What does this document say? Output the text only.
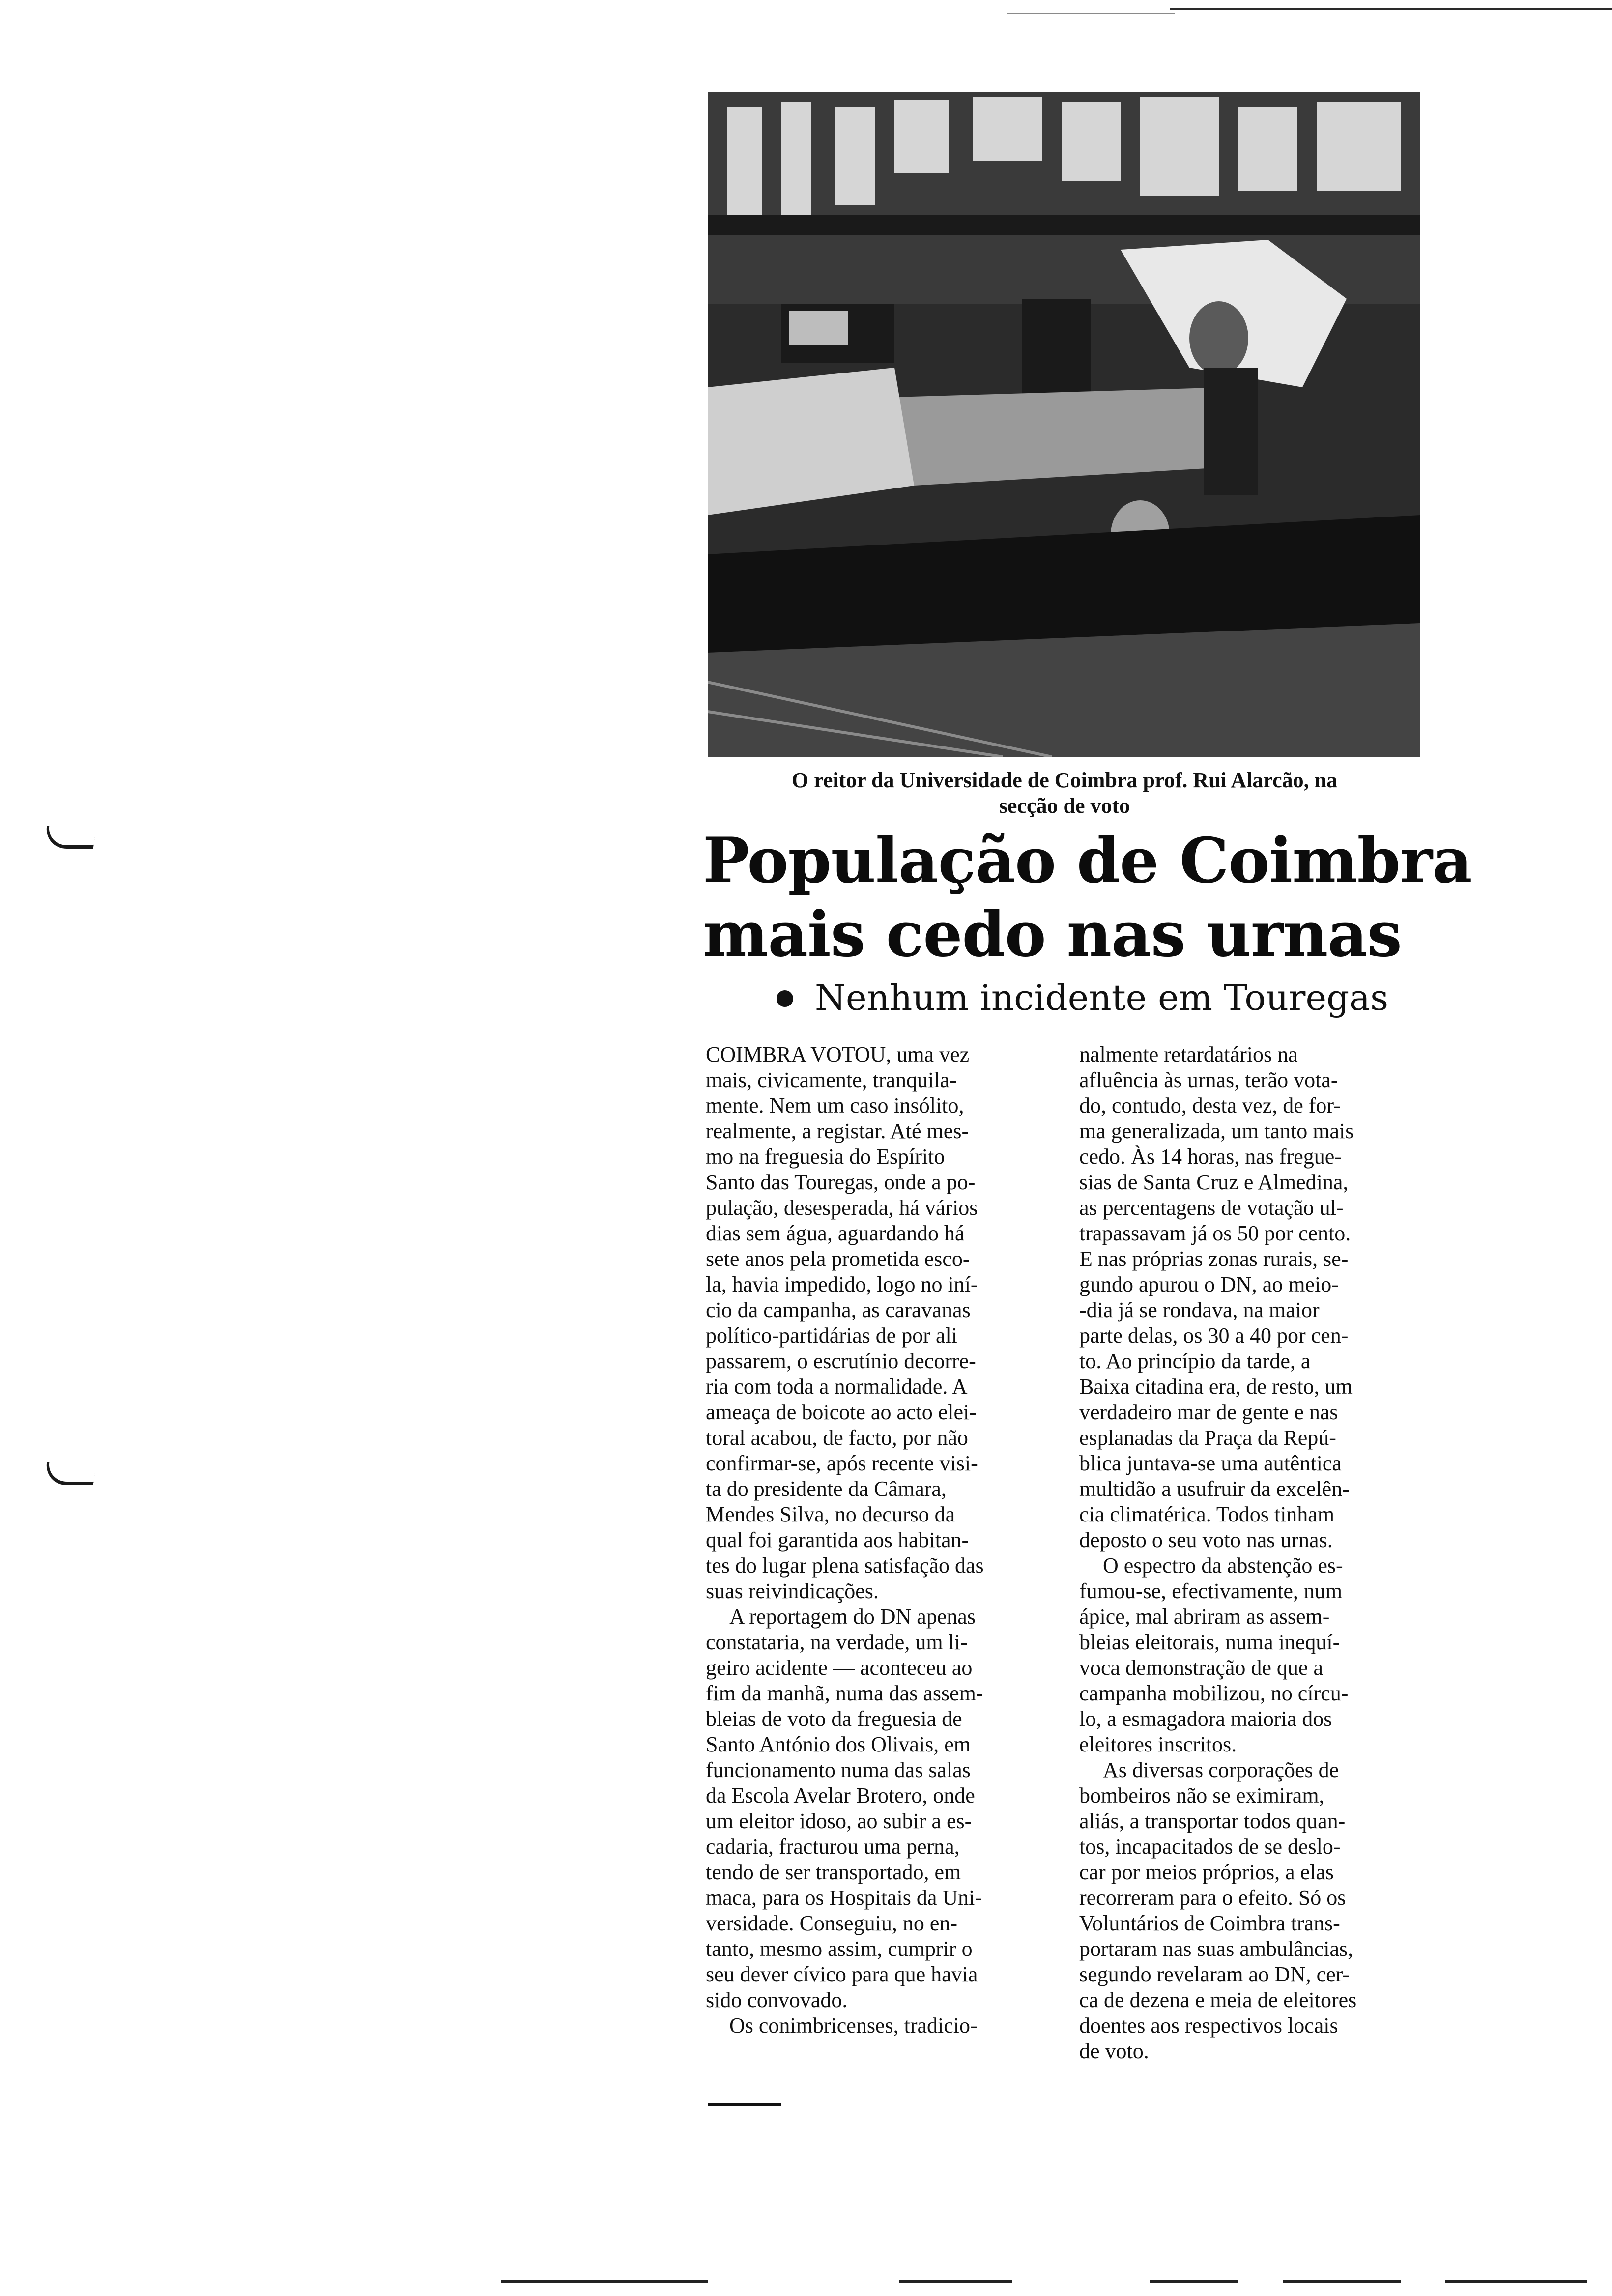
O reitor da Universidade de Coimbra prof. Rui Alarcão, na
secção de voto
População de Coimbra
mais cedo nas urnas
Nenhum incidente em Touregas
COIMBRA VOTOU, uma vez
mais, civicamente, tranquila-
mente. Nem um caso insólito,
realmente, a registar. Até mes-
mo na freguesia do Espírito
Santo das Touregas, onde a po-
pulação, desesperada, há vários
dias sem água, aguardando há
sete anos pela prometida esco-
la, havia impedido, logo no iní-
cio da campanha, as caravanas
político-partidárias de por ali
passarem, o escrutínio decorre-
ria com toda a normalidade. A
ameaça de boicote ao acto elei-
toral acabou, de facto, por não
confirmar-se, após recente visi-
ta do presidente da Câmara,
Mendes Silva, no decurso da
qual foi garantida aos habitan-
tes do lugar plena satisfação das
suas reivindicações.
A reportagem do DN apenas
constataria, na verdade, um li-
geiro acidente — aconteceu ao
fim da manhã, numa das assem-
bleias de voto da freguesia de
Santo António dos Olivais, em
funcionamento numa das salas
da Escola Avelar Brotero, onde
um eleitor idoso, ao subir a es-
cadaria, fracturou uma perna,
tendo de ser transportado, em
maca, para os Hospitais da Uni-
versidade. Conseguiu, no en-
tanto, mesmo assim, cumprir o
seu dever cívico para que havia
sido convovado.
Os conimbricenses, tradicio-
nalmente retardatários na
afluência às urnas, terão vota-
do, contudo, desta vez, de for-
ma generalizada, um tanto mais
cedo. Às 14 horas, nas fregue-
sias de Santa Cruz e Almedina,
as percentagens de votação ul-
trapassavam já os 50 por cento.
E nas próprias zonas rurais, se-
gundo apurou o DN, ao meio-
-dia já se rondava, na maior
parte delas, os 30 a 40 por cen-
to. Ao princípio da tarde, a
Baixa citadina era, de resto, um
verdadeiro mar de gente e nas
esplanadas da Praça da Repú-
blica juntava-se uma autêntica
multidão a usufruir da excelên-
cia climatérica. Todos tinham
deposto o seu voto nas urnas.
O espectro da abstenção es-
fumou-se, efectivamente, num
ápice, mal abriram as assem-
bleias eleitorais, numa inequí-
voca demonstração de que a
campanha mobilizou, no círcu-
lo, a esmagadora maioria dos
eleitores inscritos.
As diversas corporações de
bombeiros não se eximiram,
aliás, a transportar todos quan-
tos, incapacitados de se deslo-
car por meios próprios, a elas
recorreram para o efeito. Só os
Voluntários de Coimbra trans-
portaram nas suas ambulâncias,
segundo revelaram ao DN, cer-
ca de dezena e meia de eleitores
doentes aos respectivos locais
de voto.
